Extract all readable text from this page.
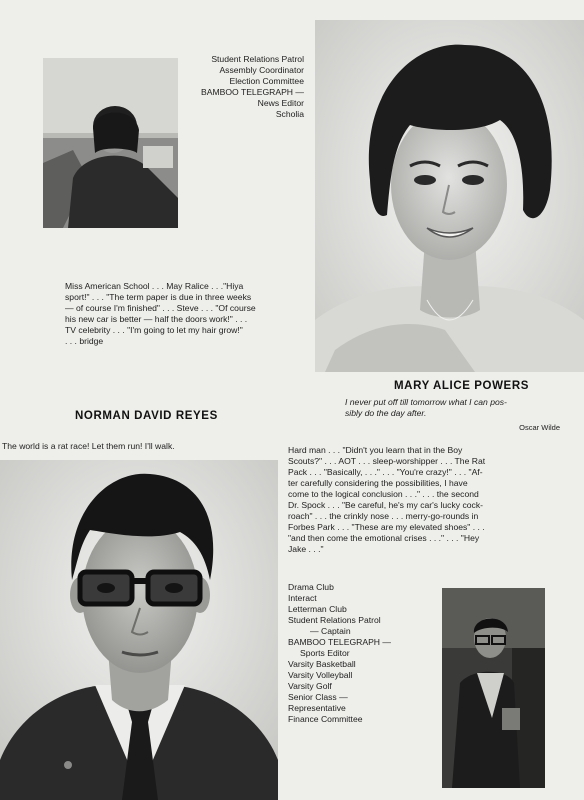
Student Relations Patrol
Assembly Coordinator
Election Committee
BAMBOO TELEGRAPH —
News Editor
Scholia
Miss American School . . . May Ralice . . ."Hiya
sport!" . . . "The term paper is due in three weeks
— of course I'm finished" . . . Steve . . . "Of course
his new car is better — half the doors work!" . . .
TV celebrity . . . "I'm going to let my hair grow!"
. . . bridge
MARY ALICE POWERS
I never put off till tomorrow what I can pos-
sibly do the day after.
Oscar Wilde
NORMAN DAVID REYES
The world is a rat race! Let them run! I'll walk.	Hard man . . . "Didn't you learn that in the Boy
Scouts?" . . . AOT . . . sleep-worshipper . . . The Rat
Pack . . . "Basically, . . ." . . . "You're crazy!" . . . "Af-
ter carefully considering the possibilities, I have
come to the logical conclusion . . ." . . . the second
Dr. Spock . . . "Be careful, he's my car's lucky cock-
roach" . . . the crinkly nose . . . merry-go-rounds in
Forbes Park . . . "These are my elevated shoes" . . .
"and then come the emotional crises . . ." . . . "Hey
Jake . . ."
Drama Club
Interact
Letterman Club
Student Relations Patrol
— Captain
BAMBOO TELEGRAPH —
Sports Editor
Varsity Basketball
Varsity Volleyball
Varsity Golf
Senior Class —
Representative
Finance Committee
